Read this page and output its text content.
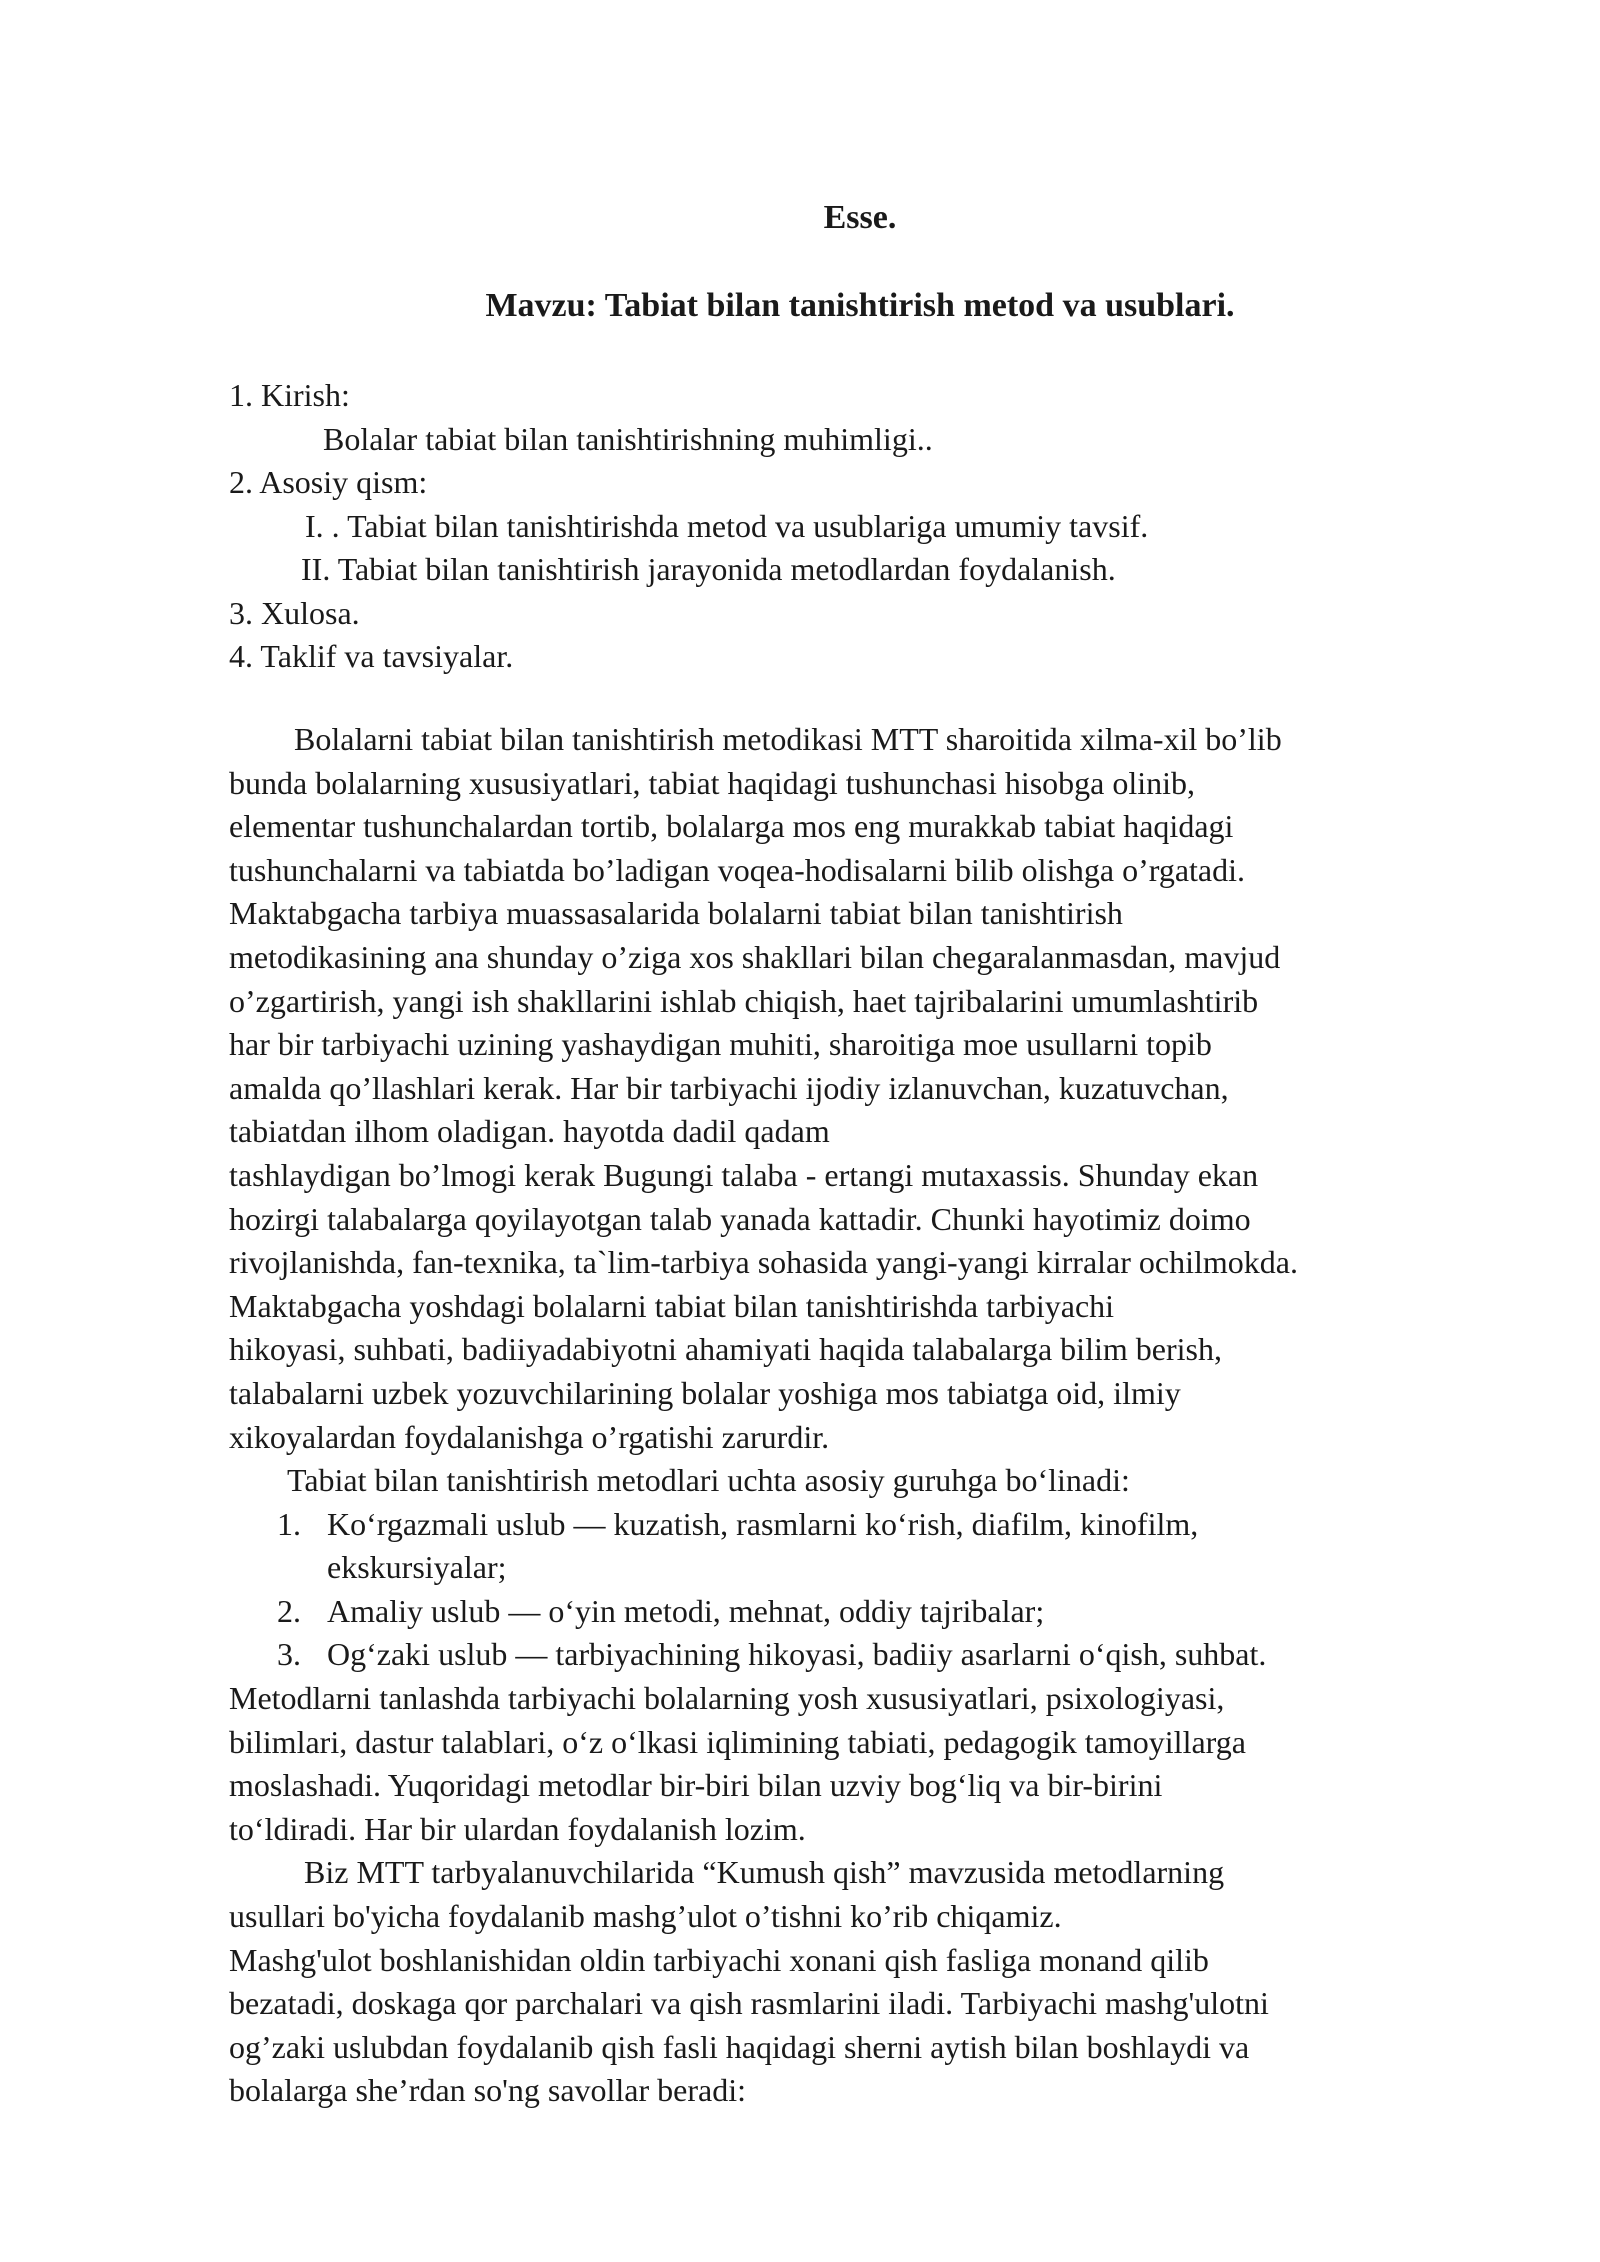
Esse.
Mavzu: Tabiat bilan tanishtirish metod va usublari.
1. Kirish:
Bolalar tabiat bilan tanishtirishning muhimligi..
2. Asosiy qism:
I. . Tabiat bilan tanishtirishda metod va usublariga umumiy tavsif.
II. Tabiat bilan tanishtirish jarayonida metodlardan foydalanish.
3. Xulosa.
4. Taklif va tavsiyalar.
Bolalarni tabiat bilan tanishtirish metodikasi MTT sharoitida xilma-xil bo’lib
bunda bolalarning xususiyatlari, tabiat haqidagi tushunchasi hisobga olinib,
elementar tushunchalardan tortib, bolalarga mos eng murakkab tabiat haqidagi
tushunchalarni va tabiatda bo’ladigan voqea-hodisalarni bilib olishga o’rgatadi.
Maktabgacha tarbiya muassasalarida bolalarni tabiat bilan tanishtirish
metodikasining ana shunday o’ziga xos shakllari bilan chegaralanmasdan, mavjud
o’zgartirish, yangi ish shakllarini ishlab chiqish, haet tajribalarini umumlashtirib
har bir tarbiyachi uzining yashaydigan muhiti, sharoitiga moe usullarni topib
amalda qo’llashlari kerak. Har bir tarbiyachi ijodiy izlanuvchan, kuzatuvchan,
tabiatdan ilhom oladigan. hayotda dadil qadam
tashlaydigan bo’lmogi kerak Bugungi talaba - ertangi mutaxassis. Shunday ekan
hozirgi talabalarga qoyilayotgan talab yanada kattadir. Chunki hayotimiz doimo
rivojlanishda, fan-texnika, ta`lim-tarbiya sohasida yangi-yangi kirralar ochilmokda.
Maktabgacha yoshdagi bolalarni tabiat bilan tanishtirishda tarbiyachi
hikoyasi, suhbati, badiiyadabiyotni ahamiyati haqida talabalarga bilim berish,
talabalarni uzbek yozuvchilarining bolalar yoshiga mos tabiatga oid, ilmiy
xikoyalardan foydalanishga o’rgatishi zarurdir.
Tabiat bilan tanishtirish metodlari uchta asosiy guruhga boʻlinadi:
1. Koʻrgazmali uslub — kuzatish, rasmlarni koʻrish, diafilm, kinofilm,
ekskursiyalar;
2. Amaliy uslub — oʻyin metodi, mehnat, oddiy tajribalar;
3. Ogʻzaki uslub — tarbiyachining hikoyasi, badiiy asarlarni oʻqish, suhbat.
Metodlarni tanlashda tarbiyachi bolalarning yosh xususiyatlari, psixologiyasi,
bilimlari, dastur talablari, oʻz oʻlkasi iqlimining tabiati, pedagogik tamoyillarga
moslashadi. Yuqoridagi metodlar bir-biri bilan uzviy bogʻliq va bir-birini
toʻldiradi. Har bir ulardan foydalanish lozim.
Biz MTT tarbyalanuvchilarida “Kumush qish” mavzusida metodlarning
usullari bo'yicha foydalanib mashg’ulot o’tishni ko’rib chiqamiz.
Mashg'ulot boshlanishidan oldin tarbiyachi xonani qish fasliga monand qilib
bezatadi, doskaga qor parchalari va qish rasmlarini iladi. Tarbiyachi mashg'ulotni
og’zaki uslubdan foydalanib qish fasli haqidagi sherni aytish bilan boshlaydi va
bolalarga she’rdan so'ng savollar beradi:
